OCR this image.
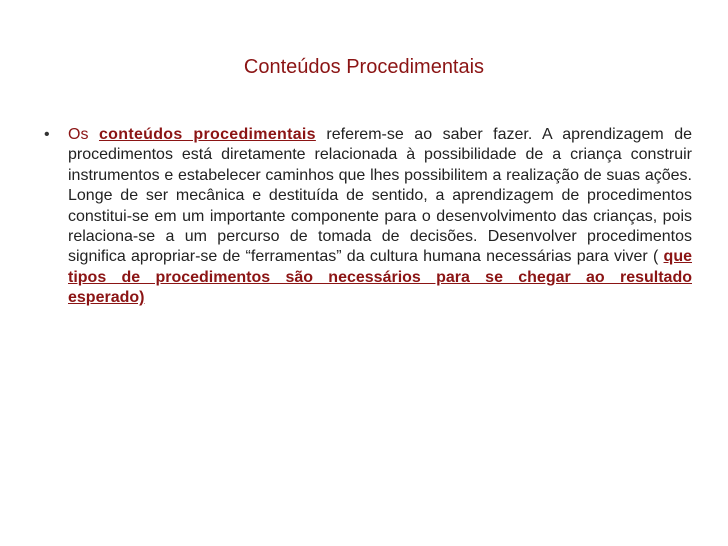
Conteúdos Procedimentais
• Os conteúdos procedimentais referem-se ao saber fazer. A aprendizagem de procedimentos está diretamente relacionada à possibilidade de a criança construir instrumentos e estabelecer caminhos que lhes possibilitem a realização de suas ações. Longe de ser mecânica e destituída de sentido, a aprendizagem de procedimentos constitui-se em um importante componente para o desenvolvimento das crianças, pois relaciona-se a um percurso de tomada de decisões. Desenvolver procedimentos significa apropriar-se de “ferramentas” da cultura humana necessárias para viver ( que tipos de procedimentos são necessários para se chegar ao resultado esperado)
